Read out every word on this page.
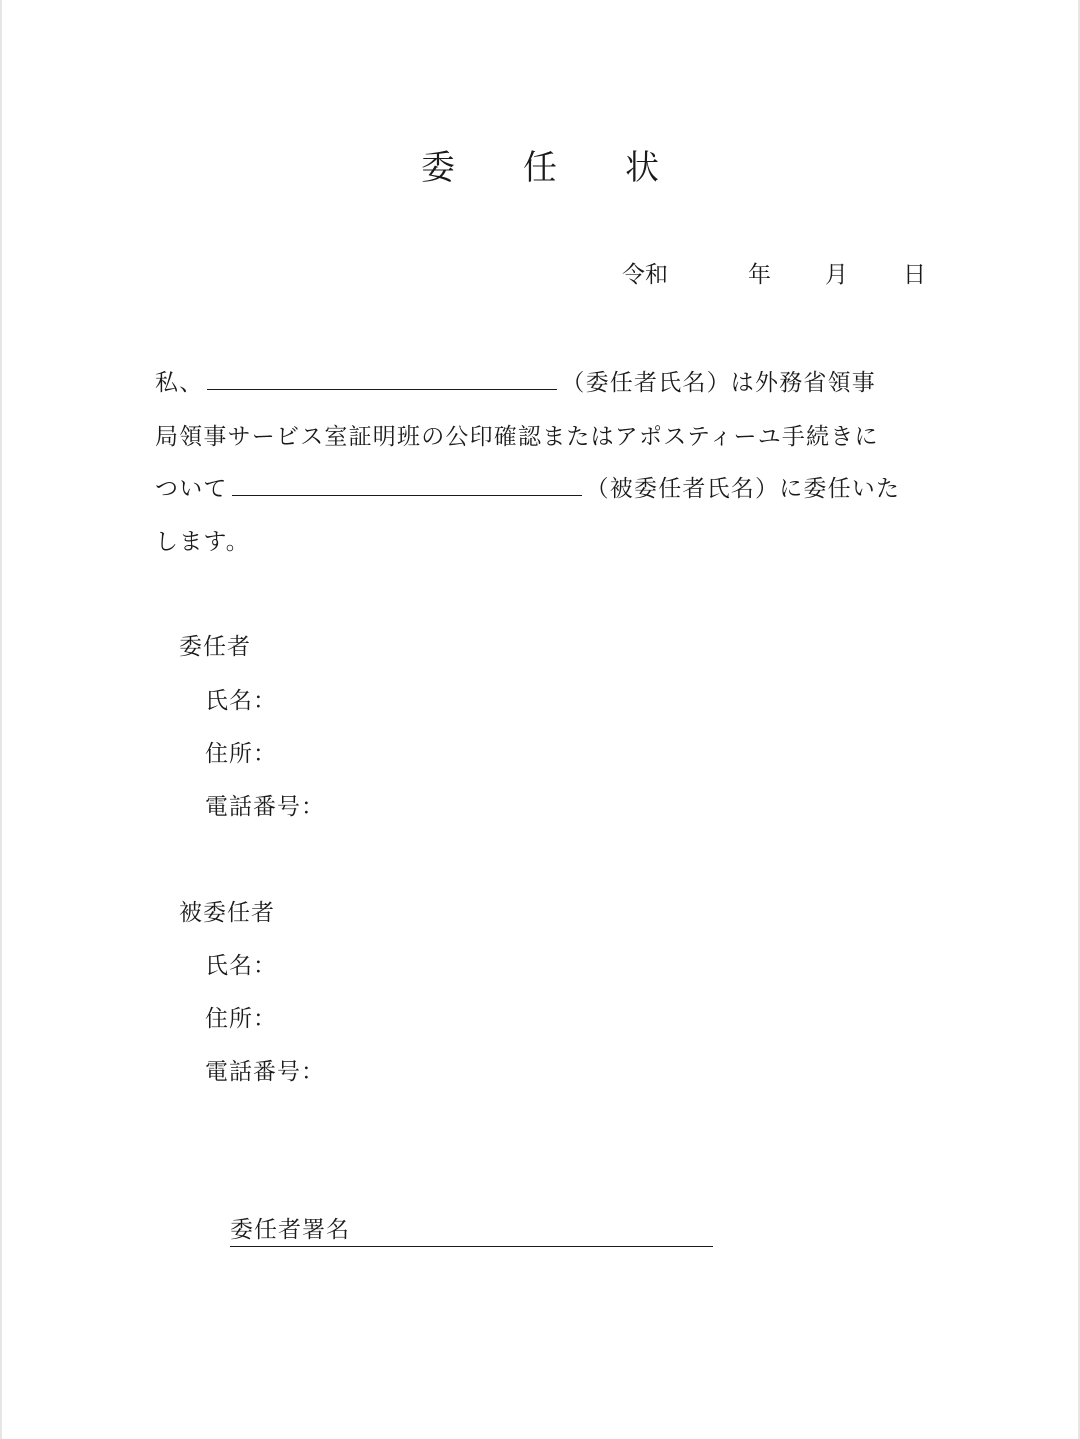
委 任 状
令和	年 月 日
私、	（委任者氏名）は外務省領事
局領事サービス室証明班の公印確認またはアポスティーユ手続きに
ついて	（被委任者氏名）に委任いた
します。
委任者
氏名：
住所：
電話番号：
被委任者
氏名：
住所：
電話番号：
委任者署名
